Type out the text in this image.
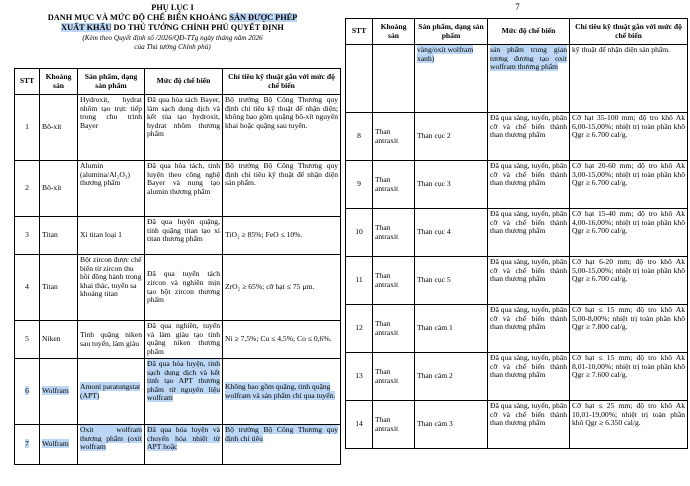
PHỤ LỤC I
DANH MỤC VÀ MỨC ĐỘ CHẾ BIẾN KHOÁNG SẢN ĐƯỢC PHÉP
XUẤT KHẨU DO THỦ TƯỚNG CHÍNH PHỦ QUYẾT ĐỊNH
(Kèm theo Quyết định số /2026/QĐ-TTg ngày tháng năm 2026
của Thủ tướng Chính phủ)
STT	Khoáng sản	Sản phẩm, dạng sản phẩm	Mức độ chế biến	Chỉ tiêu kỹ thuật gắn với mức độ chế biến
1	Bô-xít	Hydroxit, hydrat nhôm tạo trực tiếp trong chu trình Bayer	Đã qua hòa tách Bayer, làm sạch dung dịch và kết tủa tạo hydroxit, hydrat nhôm thương phẩm	Bộ trưởng Bộ Công Thương quy định chỉ tiêu kỹ thuật để nhận diện; không bao gồm quặng bô-xít nguyên khai hoặc quặng sau tuyển.
2	Bô-xít	Alumin (alumina/Al₂O₃) thương phẩm	Đã qua hòa tách, tinh luyện theo công nghệ Bayer và nung tạo alumin thương phẩm	Bộ trưởng Bộ Công Thương quy định chỉ tiêu kỹ thuật để nhận diện sản phẩm.
3	Titan	Xỉ titan loại 1	Đã qua luyện quặng, tinh quặng titan tạo xỉ titan thương phẩm	TiO₂ ≥ 85%; FeO ≤ 10%.
4	Titan	Bột zircon được chế biến từ zircon thu hồi đồng hành trong khai thác, tuyển sa khoáng titan	Đã qua tuyển tách zircon và nghiền mịn tạo bột zircon thương phẩm	ZrO₂ ≥ 65%; cỡ hạt ≤ 75 µm.
5	Niken	Tinh quặng niken sau tuyển, làm giàu	Đã qua nghiền, tuyển và làm giàu tạo tinh quặng niken thương phẩm	Ni ≥ 7,5%; Cu ≤ 4,5%; Co ≤ 0,6%.
6	Wolfram	Amoni paratungstat (APT)	Đã qua hóa luyện, tinh sạch dung dịch và kết tinh tạo APT thương phẩm từ nguyên liệu wolfram	Không bao gồm quặng, tinh quặng wolfram và sản phẩm chỉ qua tuyển.
7	Wolfram	Oxit wolfram thương phẩm (oxit wolfram	Đã qua hóa luyện và chuyển hóa nhiệt từ APT hoặc	Bộ trưởng Bộ Công Thương quy định chỉ tiêu
7
STT	Khoáng sản	Sản phẩm, dạng sản phẩm	Mức độ chế biến	Chỉ tiêu kỹ thuật gắn với mức độ chế biến
		vàng/oxit wolfram xanh)	sản phẩm trung gian tương đương tạo oxit wolfram thương phẩm	kỹ thuật để nhận diện sản phẩm.
8	Than antraxit	Than cục 2	Đã qua sàng, tuyển, phân cỡ và chế biến thành than thương phẩm	Cỡ hạt 35-100 mm; độ tro khô Ak 6,00-15,00%; nhiệt trị toàn phần khô Qgr ≥ 6.700 cal/g.
9	Than antraxit	Than cục 3	Đã qua sàng, tuyển, phân cỡ và chế biến thành than thương phẩm	Cỡ hạt 20-60 mm; độ tro khô Ak 3,00-15,00%; nhiệt trị toàn phần khô Qgr ≥ 6.700 cal/g.
10	Than antraxit	Than cục 4	Đã qua sàng, tuyển, phân cỡ và chế biến thành than thương phẩm	Cỡ hạt 15-40 mm; độ tro khô Ak 4,00-16,00%; nhiệt trị toàn phần khô Qgr ≥ 6.700 cal/g.
11	Than antraxit	Than cục 5	Đã qua sàng, tuyển, phân cỡ và chế biến thành than thương phẩm	Cỡ hạt 6-20 mm; độ tro khô Ak 5,00-15,00%; nhiệt trị toàn phần khô Qgr ≥ 6.700 cal/g.
12	Than antraxit	Than cám 1	Đã qua sàng, tuyển, phân cỡ và chế biến thành than thương phẩm	Cỡ hạt ≤ 15 mm; độ tro khô Ak 5,00-8,00%; nhiệt trị toàn phần khô Qgr ≥ 7.800 cal/g.
13	Than antraxit	Than cám 2	Đã qua sàng, tuyển, phân cỡ và chế biến thành than thương phẩm	Cỡ hạt ≤ 15 mm; độ tro khô Ak 8,01-10,00%; nhiệt trị toàn phần khô Qgr ≥ 7.600 cal/g.
14	Than antraxit	Than cám 3	Đã qua sàng, tuyển, phân cỡ và chế biến thành than thương phẩm	Cỡ hạt ≤ 25 mm; độ tro khô Ak 10,01-19,00%; nhiệt trị toàn phần khô Qgr ≥ 6.350 cal/g.
